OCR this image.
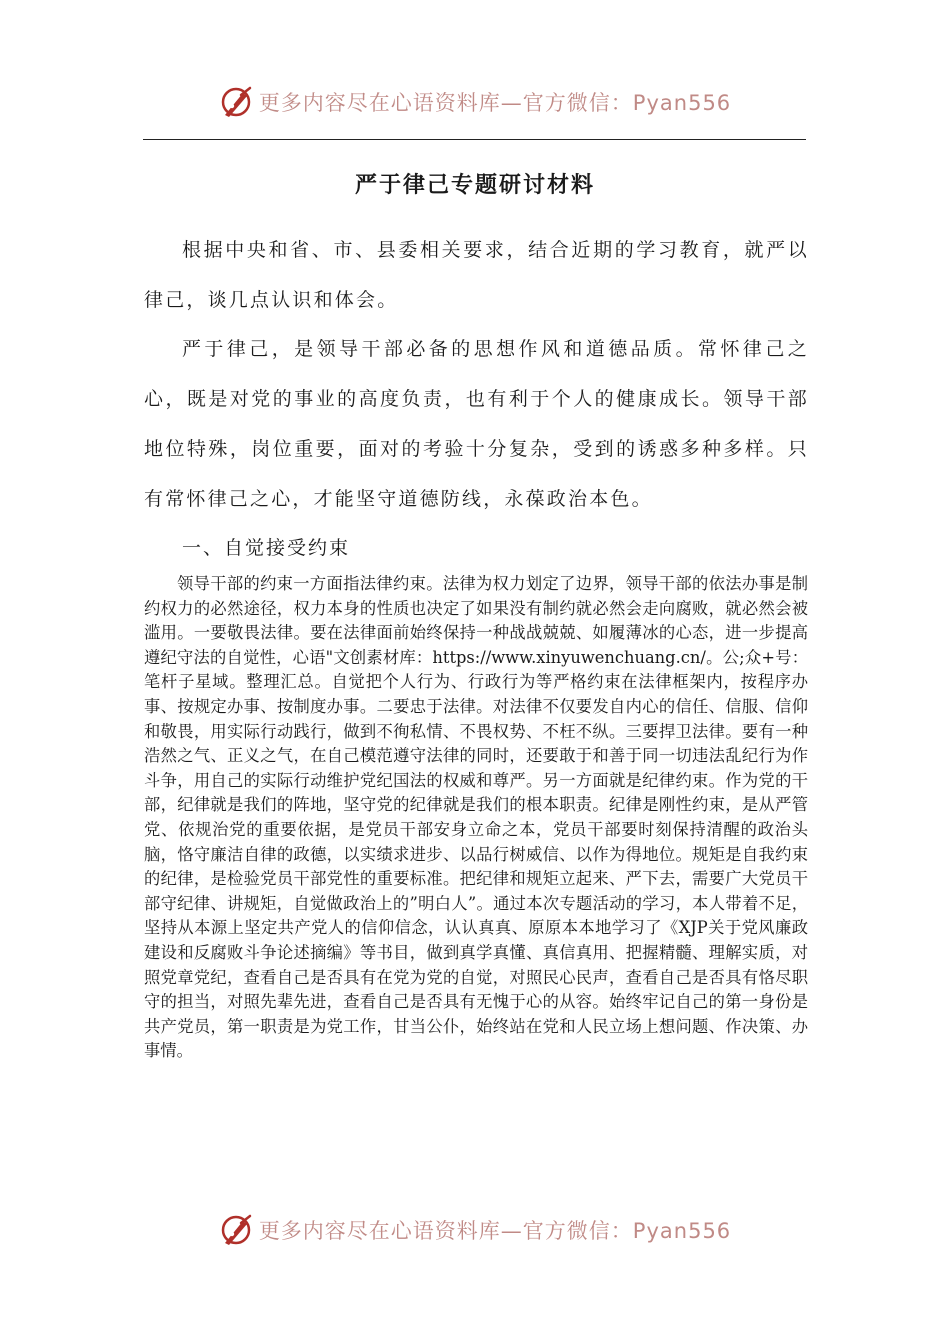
更多内容尽在心语资料库—官方微信：Pyan556
严于律己专题研讨材料

根据中央和省、市、县委相关要求，结合近期的学习教育，就严以律己，谈几点认识和体会。

严于律己，是领导干部必备的思想作风和道德品质。常怀律己之心，既是对党的事业的高度负责，也有利于个人的健康成长。领导干部地位特殊，岗位重要，面对的考验十分复杂，受到的诱惑多种多样。只有常怀律己之心，才能坚守道德防线，永葆政治本色。

一、自觉接受约束

领导干部的约束一方面指法律约束。法律为权力划定了边界，领导干部的依法办事是制约权力的必然途径，权力本身的性质也决定了如果没有制约就必然会走向腐败，就必然会被滥用。一要敬畏法律。要在法律面前始终保持一种战战兢兢、如履薄冰的心态，进一步提高遵纪守法的自觉性，心语"文创素材库：https://www.xinyuwenchuang.cn/。公;众+号：笔杆子星域。整理汇总。自觉把个人行为、行政行为等严格约束在法律框架内，按程序办事、按规定办事、按制度办事。二要忠于法律。对法律不仅要发自内心的信任、信服、信仰和敬畏，用实际行动践行，做到不徇私情、不畏权势、不枉不纵。三要捍卫法律。要有一种浩然之气、正义之气，在自己模范遵守法律的同时，还要敢于和善于同一切违法乱纪行为作斗争，用自己的实际行动维护党纪国法的权威和尊严。另一方面就是纪律约束。作为党的干部，纪律就是我们的阵地，坚守党的纪律就是我们的根本职责。纪律是刚性约束，是从严管党、依规治党的重要依据，是党员干部安身立命之本，党员干部要时刻保持清醒的政治头脑，恪守廉洁自律的政德，以实绩求进步、以品行树威信、以作为得地位。规矩是自我约束的纪律，是检验党员干部党性的重要标准。把纪律和规矩立起来、严下去，需要广大党员干部守纪律、讲规矩，自觉做政治上的”明白人”。通过本次专题活动的学习，本人带着不足，坚持从本源上坚定共产党人的信仰信念，认认真真、原原本本地学习了《XJP关于党风廉政建设和反腐败斗争论述摘编》等书目，做到真学真懂、真信真用、把握精髓、理解实质，对照党章党纪，查看自己是否具有在党为党的自觉，对照民心民声，查看自己是否具有恪尽职守的担当，对照先辈先进，查看自己是否具有无愧于心的从容。始终牢记自己的第一身份是共产党员，第一职责是为党工作，甘当公仆，始终站在党和人民立场上想问题、作决策、办事情。

更多内容尽在心语资料库—官方微信：Pyan556
